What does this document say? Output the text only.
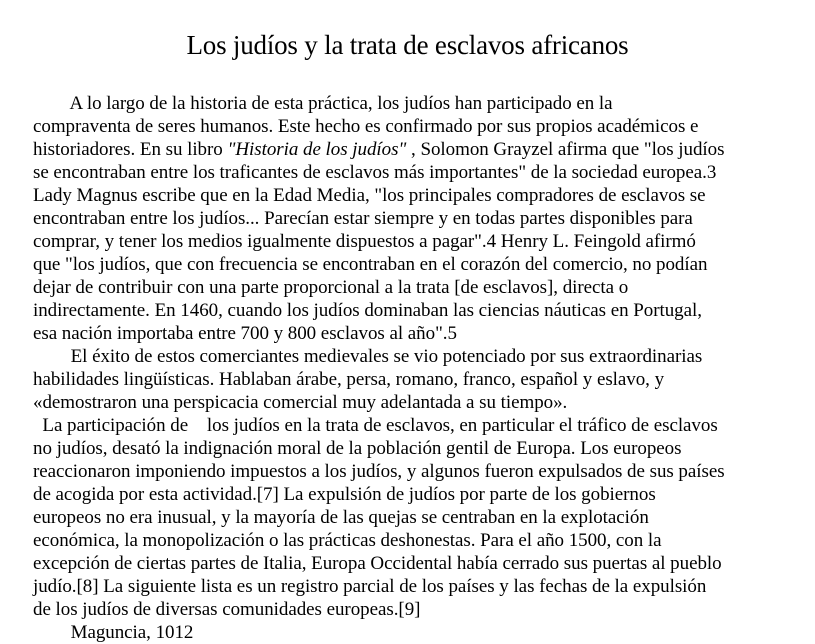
Los judíos y la trata de esclavos africanos
A lo largo de la historia de esta práctica, los judíos han participado en la
compraventa de seres humanos. Este hecho es confirmado por sus propios académicos e
historiadores. En su libro "Historia de los judíos" , Solomon Grayzel afirma que "los judíos
se encontraban entre los traficantes de esclavos más importantes" de la sociedad europea.3
Lady Magnus escribe que en la Edad Media, "los principales compradores de esclavos se
encontraban entre los judíos... Parecían estar siempre y en todas partes disponibles para
comprar, y tener los medios igualmente dispuestos a pagar".4 Henry L. Feingold afirmó
que "los judíos, que con frecuencia se encontraban en el corazón del comercio, no podían
dejar de contribuir con una parte proporcional a la trata [de esclavos], directa o
indirectamente. En 1460, cuando los judíos dominaban las ciencias náuticas en Portugal,
esa nación importaba entre 700 y 800 esclavos al año".5
El éxito de estos comerciantes medievales se vio potenciado por sus extraordinarias
habilidades lingüísticas. Hablaban árabe, persa, romano, franco, español y eslavo, y
«demostraron una perspicacia comercial muy adelantada a su tiempo».
La participación de    los judíos en la trata de esclavos, en particular el tráfico de esclavos
no judíos, desató la indignación moral de la población gentil de Europa. Los europeos
reaccionaron imponiendo impuestos a los judíos, y algunos fueron expulsados de sus países
de acogida por esta actividad.[7] La expulsión de judíos por parte de los gobiernos
europeos no era inusual, y la mayoría de las quejas se centraban en la explotación
económica, la monopolización o las prácticas deshonestas. Para el año 1500, con la
excepción de ciertas partes de Italia, Europa Occidental había cerrado sus puertas al pueblo
judío.[8] La siguiente lista es un registro parcial de los países y las fechas de la expulsión
de los judíos de diversas comunidades europeas.[9]
Maguncia, 1012
